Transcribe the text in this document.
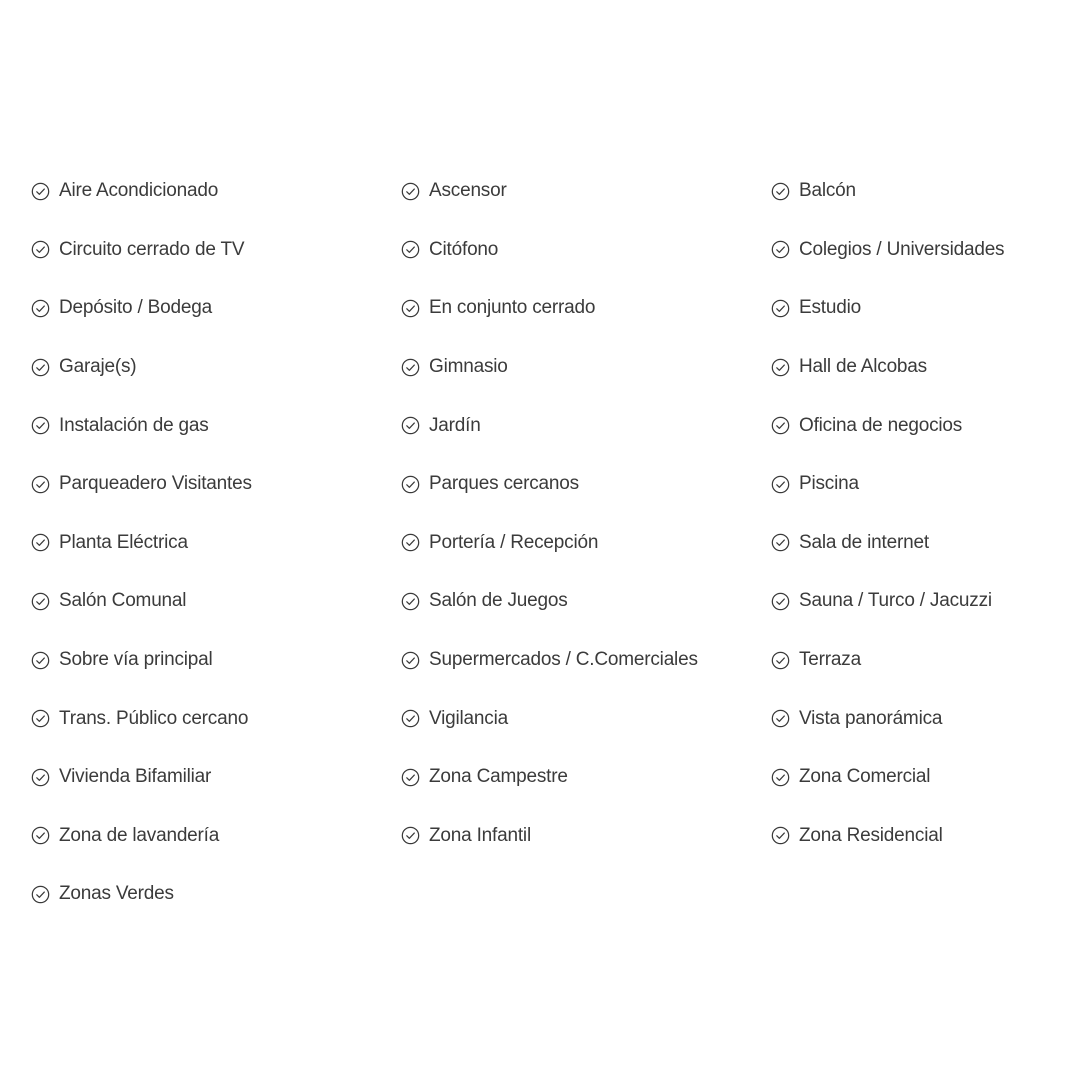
Aire Acondicionado	Ascensor	Balcón
Circuito cerrado de TV	Citófono	Colegios / Universidades
Depósito / Bodega	En conjunto cerrado	Estudio
Garaje(s)	Gimnasio	Hall de Alcobas
Instalación de gas	Jardín	Oficina de negocios
Parqueadero Visitantes	Parques cercanos	Piscina
Planta Eléctrica	Portería / Recepción	Sala de internet
Salón Comunal	Salón de Juegos	Sauna / Turco / Jacuzzi
Sobre vía principal	Supermercados / C.Comerciales	Terraza
Trans. Público cercano	Vigilancia	Vista panorámica
Vivienda Bifamiliar	Zona Campestre	Zona Comercial
Zona de lavandería	Zona Infantil	Zona Residencial
Zonas Verdes
